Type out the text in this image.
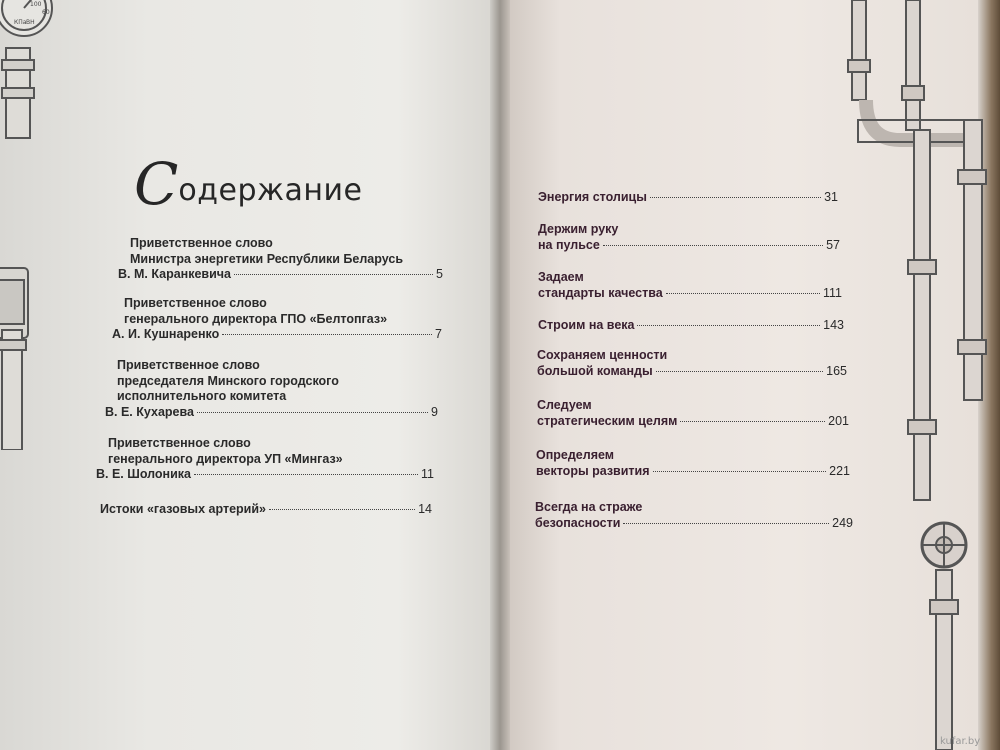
100
60
КПа ВН
kufar.by
Содержание
Приветственное слово
Министра энергетики Республики Беларусь
В. М. Каранкевича	5
Приветственное слово
генерального директора ГПО «Белтопгаз»
А. И. Кушнаренко	7
Приветственное слово
председателя Минского городского
исполнительного комитета
В. Е. Кухарева	9
Приветственное слово
генерального директора УП «Мингаз»
В. Е. Шолоника	11
Истоки «газовых артерий»	14
Энергия столицы	31
Держим руку
на пульсе	57
Задаем
стандарты качества	111
Строим на века	143
Сохраняем ценности
большой команды	165
Следуем
стратегическим целям	201
Определяем
векторы развития	221
Всегда на страже
безопасности	249
